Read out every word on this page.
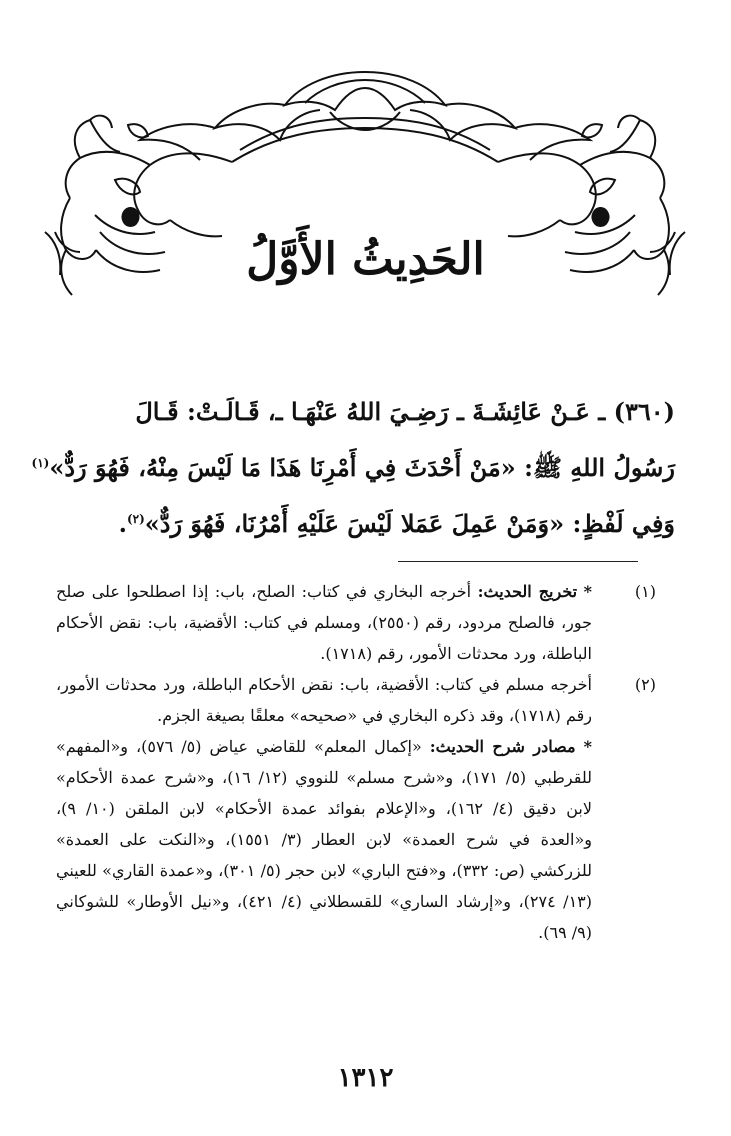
الحَدِيثُ الأَوَّلُ
(٣٦٠) ـ عَـنْ عَائِشَـةَ ـ رَضِـيَ اللهُ عَنْهَـا ـ، قَـالَـتْ: قَـالَ
رَسُولُ اللهِ ﷺ: «مَنْ أَحْدَثَ فِي أَمْرِنَا هَذَا مَا لَيْسَ مِنْهُ، فَهُوَ رَدٌّ»$^{(١)}$
وَفِي لَفْظٍ: «وَمَنْ عَمِلَ عَمَلا لَيْسَ عَلَيْهِ أَمْرُنَا، فَهُوَ رَدٌّ»$^{(٢)}$.
(١)
* تخريج الحديث: أخرجه البخاري في كتاب: الصلح، باب: إذا اصطلحوا على صلح جور، فالصلح مردود، رقم (٢٥٥٠)، ومسلم في كتاب: الأقضية، باب: نقض الأحكام الباطلة، ورد محدثات الأمور، رقم (١٧١٨).
(٢)
أخرجه مسلم في كتاب: الأقضية، باب: نقض الأحكام الباطلة، ورد محدثات الأمور، رقم (١٧١٨)، وقد ذكره البخاري في «صحيحه» معلقًا بصيغة الجزم.
* مصادر شرح الحديث: «إكمال المعلم» للقاضي عياض (٥/ ٥٧٦)، و«المفهم» للقرطبي (٥/ ١٧١)، و«شرح مسلم» للنووي (١٢/ ١٦)، و«شرح عمدة الأحكام» لابن دقيق (٤/ ١٦٢)، و«الإعلام بفوائد عمدة الأحكام» لابن الملقن (١٠/ ٩)، و«العدة في شرح العمدة» لابن العطار (٣/ ١٥٥١)، و«النكت على العمدة» للزركشي (ص: ٣٣٢)، و«فتح الباري» لابن حجر (٥/ ٣٠١)، و«عمدة القاري» للعيني (١٣/ ٢٧٤)، و«إرشاد الساري» للقسطلاني (٤/ ٤٢١)، و«نيل الأوطار» للشوكاني (٩/ ٦٩).
١٣١٢
